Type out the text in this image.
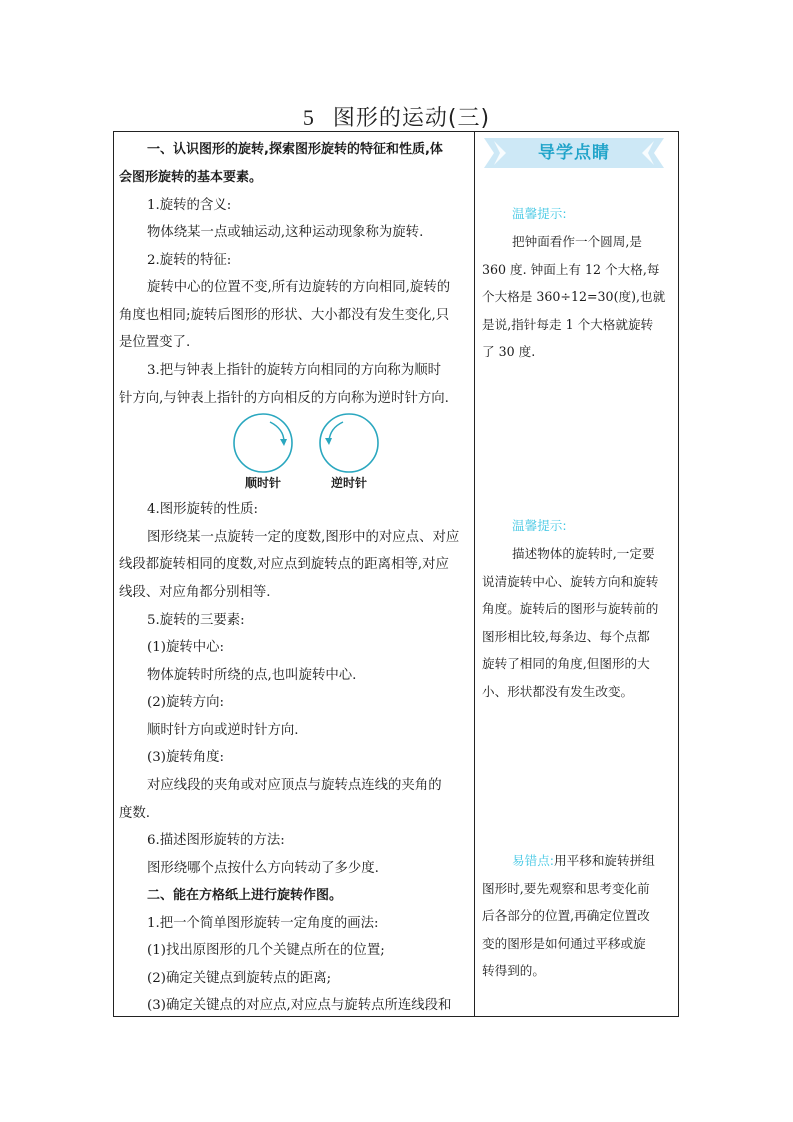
5 图形的运动(三)
一、认识图形的旋转,探索图形旋转的特征和性质,体
会图形旋转的基本要素。
1.旋转的含义:
物体绕某一点或轴运动,这种运动现象称为旋转.
2.旋转的特征:
旋转中心的位置不变,所有边旋转的方向相同,旋转的
角度也相同;旋转后图形的形状、大小都没有发生变化,只
是位置变了.
3.把与钟表上指针的旋转方向相同的方向称为顺时
针方向,与钟表上指针的方向相反的方向称为逆时针方向.
顺时针	逆时针
4.图形旋转的性质:
图形绕某一点旋转一定的度数,图形中的对应点、对应
线段都旋转相同的度数,对应点到旋转点的距离相等,对应
线段、对应角都分别相等.
5.旋转的三要素:
(1)旋转中心:
物体旋转时所绕的点,也叫旋转中心.
(2)旋转方向:
顺时针方向或逆时针方向.
(3)旋转角度:
对应线段的夹角或对应顶点与旋转点连线的夹角的
度数.
6.描述图形旋转的方法:
图形绕哪个点按什么方向转动了多少度.
二、能在方格纸上进行旋转作图。
1.把一个简单图形旋转一定角度的画法:
(1)找出原图形的几个关键点所在的位置;
(2)确定关键点到旋转点的距离;
(3)确定关键点的对应点,对应点与旋转点所连线段和
导学点睛
温馨提示:
把钟面看作一个圆周,是
360 度. 钟面上有 12 个大格,每
个大格是 360÷12=30(度),也就
是说,指针每走 1 个大格就旋转
了 30 度.
温馨提示:
描述物体的旋转时,一定要
说清旋转中心、旋转方向和旋转
角度。旋转后的图形与旋转前的
图形相比较,每条边、每个点都
旋转了相同的角度,但图形的大
小、形状都没有发生改变。
易错点:用平移和旋转拼组
图形时,要先观察和思考变化前
后各部分的位置,再确定位置改
变的图形是如何通过平移或旋
转得到的。
